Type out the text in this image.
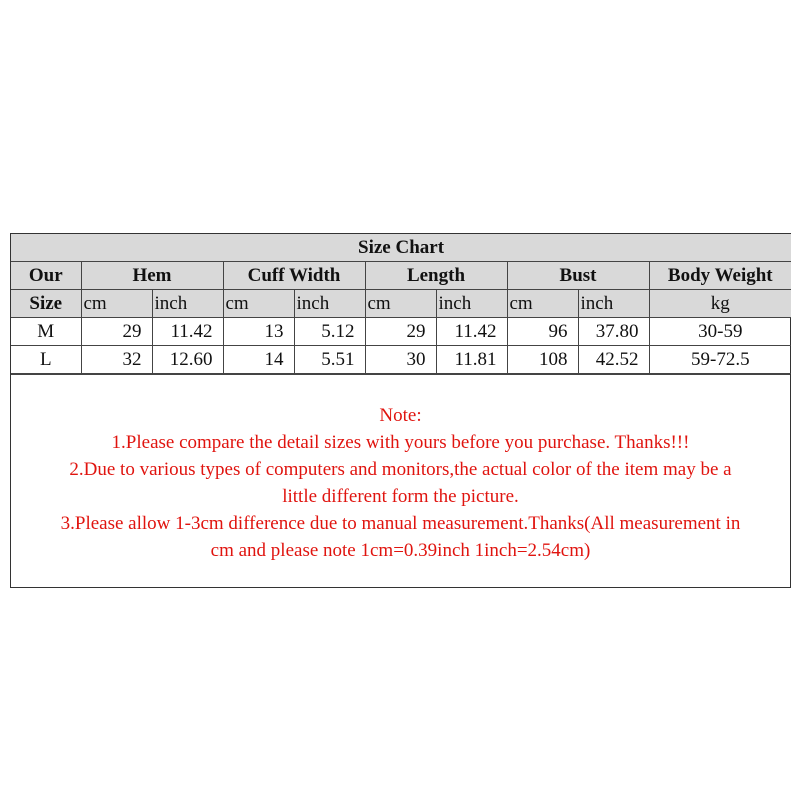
Size Chart									
Our	Hem		Cuff Width		Length		Bust		Body Weight
Size	cm	inch	cm	inch	cm	inch	cm	inch	kg
M	29	11.42	13	5.12	29	11.42	96	37.80	30-59
L	32	12.60	14	5.51	30	11.81	108	42.52	59-72.5

Note:

1.Please compare the detail sizes with yours before you purchase. Thanks!!!

2.Due to various types of computers and monitors,the actual color of the item may be a

little different form the picture.

3.Please allow 1-3cm difference due to manual measurement.Thanks(All measurement in

cm and please note 1cm=0.39inch 1inch=2.54cm)
